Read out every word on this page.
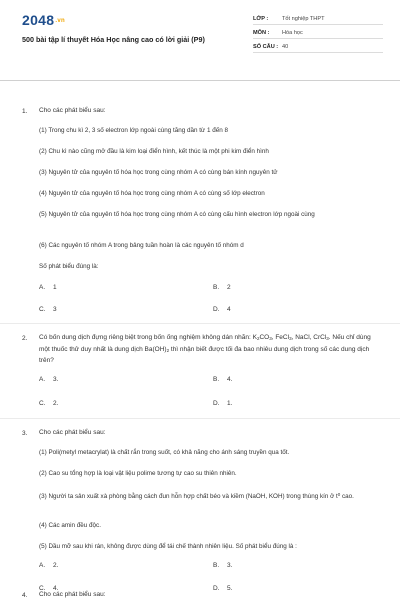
2048.vn
500 bài tập lí thuyết Hóa Học nâng cao có lời giải (P9)
LỚP : Tốt nghiệp THPT
MÔN : Hóa học
SỐ CÂU : 40
1. Cho các phát biểu sau:
(1) Trong chu kì 2, 3 số electron lớp ngoài cùng tăng dần từ 1 đến 8
(2) Chu kì nào cũng mở đầu là kim loại điển hình, kết thúc là một phi kim điển hình
(3) Nguyên tử của nguyên tố hóa học trong cùng nhóm A có cùng bán kính nguyên tử
(4) Nguyên tử của nguyên tố hóa học trong cùng nhóm A có cùng số lớp electron
(5) Nguyên tử của nguyên tố hóa học trong cùng nhóm A có cùng cấu hình electron lớp ngoài cùng
(6) Các nguyên tố nhóm A trong bảng tuần hoàn là các nguyên tố nhóm d
Số phát biểu đúng là:
A. 1	B. 2
C. 3	D. 4
2. Có bốn dung dịch đựng riêng biệt trong bốn ống nghiệm không dán nhãn: $K_2CO_3$, FeCl$_3$, NaCl, CrCl$_3$. Nếu chỉ dùng một thuốc thử duy nhất là dung dịch $Ba(OH)_2$ thì nhận biết được tối đa bao nhiêu dung dịch trong số các dung dịch trên?
A. 3.	B. 4.
C. 2.	D. 1.
3. Cho các phát biểu sau:
(1) Poli(metyl metacrylat) là chất rắn trong suốt, có khả năng cho ánh sáng truyền qua tốt.
(2) Cao su tổng hợp là loại vật liệu polime tương tự cao su thiên nhiên.
(3) Người ta sản xuất xà phòng bằng cách đun hỗn hợp chất béo và kiềm (NaOH, KOH) trong thùng kín ở $t^0$ cao.
(4) Các amin đều độc.
(5) Dầu mỡ sau khi rán, không được dùng để tái chế thành nhiên liệu. Số phát biểu đúng là :
A. 2.	B. 3.
C. 4.	D. 5.
4. Cho các phát biểu sau:
